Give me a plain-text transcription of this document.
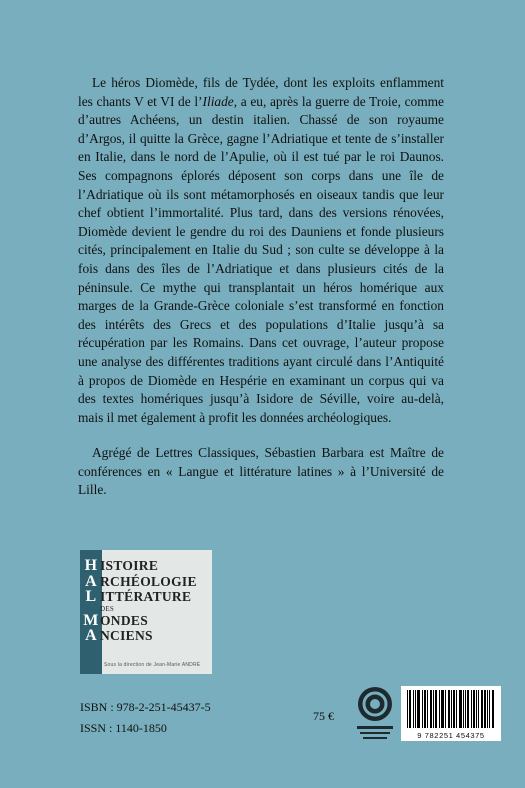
Le héros Diomède, fils de Tydée, dont les exploits enflamment les chants V et VI de l’Iliade, a eu, après la guerre de Troie, comme d’autres Achéens, un destin italien. Chassé de son royaume d’Argos, il quitte la Grèce, gagne l’Adriatique et tente de s’installer en Italie, dans le nord de l’Apulie, où il est tué par le roi Daunos. Ses compagnons éplorés déposent son corps dans une île de l’Adriatique où ils sont métamorphosés en oiseaux tandis que leur chef obtient l’immortalité. Plus tard, dans des versions rénovées, Diomède devient le gendre du roi des Dauniens et fonde plusieurs cités, principalement en Italie du Sud ; son culte se développe à la fois dans des îles de l’Adriatique et dans plusieurs cités de la péninsule. Ce mythe qui transplantait un héros homérique aux marges de la Grande-Grèce coloniale s’est transformé en fonction des intérêts des Grecs et des populations d’Italie jusqu’à sa récupération par les Romains. Dans cet ouvrage, l’auteur propose une analyse des différentes traditions ayant circulé dans l’Antiquité à propos de Diomède en Hespérie en examinant un corpus qui va des textes homériques jusqu’à Isidore de Séville, voire au-delà, mais il met également à profit les données archéologiques.

Agrégé de Lettres Classiques, Sébastien Barbara est Maître de conférences en « Langue et littérature latines » à l’Université de Lille.

H ISTOIRE
A RCHÉOLOGIE
L ITTÉRATURE
DES
MONDES
A NCIENS
Sous la direction de Jean-Marie ANDRÉ
ISBN : 978-2-251-45437-5
ISSN : 1140-1850
75 €
9 782251 454375
